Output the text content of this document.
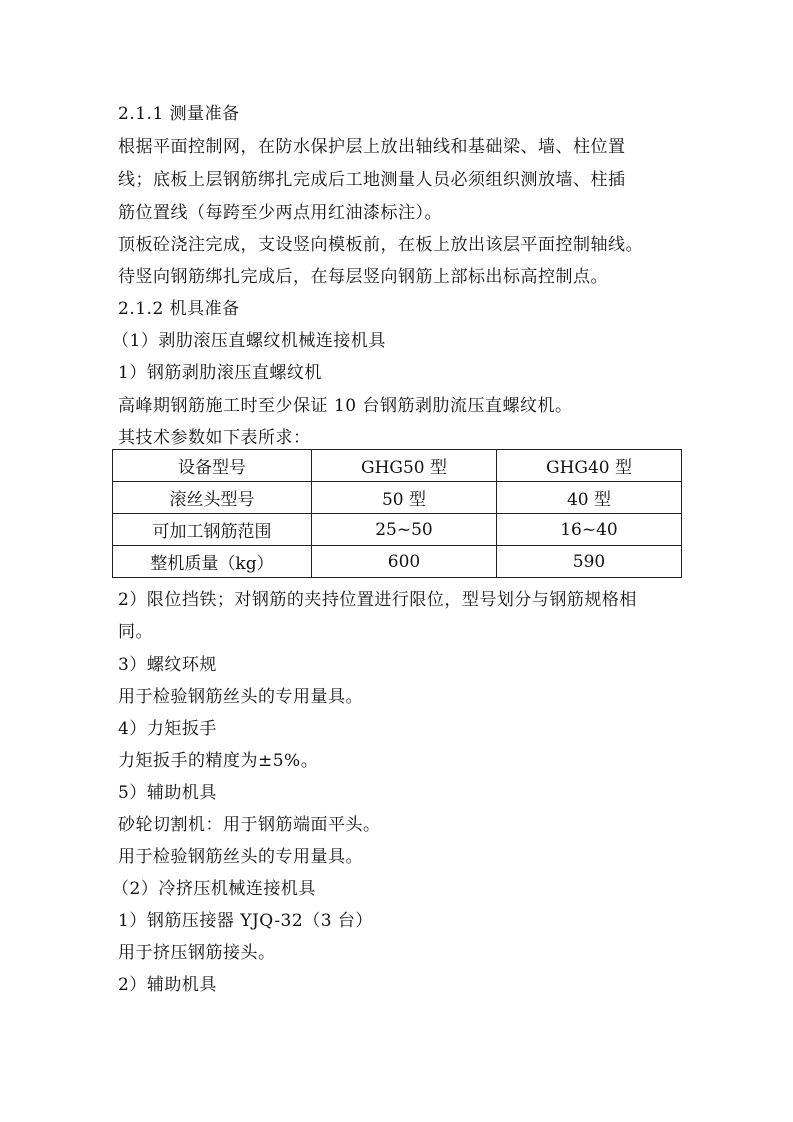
2.1.1 测量准备
根据平面控制网，在防水保护层上放出轴线和基础梁、墙、柱位置
线；底板上层钢筋绑扎完成后工地测量人员必须组织测放墙、柱插
筋位置线（每跨至少两点用红油漆标注）。
顶板砼浇注完成，支设竖向模板前，在板上放出该层平面控制轴线。
待竖向钢筋绑扎完成后，在每层竖向钢筋上部标出标高控制点。
2.1.2 机具准备
（1）剥肋滚压直螺纹机械连接机具
1）钢筋剥肋滚压直螺纹机
高峰期钢筋施工时至少保证 10 台钢筋剥肋流压直螺纹机。
其技术参数如下表所求：
设备型号	GHG50 型	GHG40 型
滚丝头型号	50 型	40 型
可加工钢筋范围	25~50	16~40
整机质量（kg）	600	590
2）限位挡铁；对钢筋的夹持位置进行限位，型号划分与钢筋规格相
同。
3）螺纹环规
用于检验钢筋丝头的专用量具。
4）力矩扳手
力矩扳手的精度为±5%。
5）辅助机具
砂轮切割机：用于钢筋端面平头。
用于检验钢筋丝头的专用量具。
（2）冷挤压机械连接机具
1）钢筋压接器 YJQ-32（3 台）
用于挤压钢筋接头。
2）辅助机具
